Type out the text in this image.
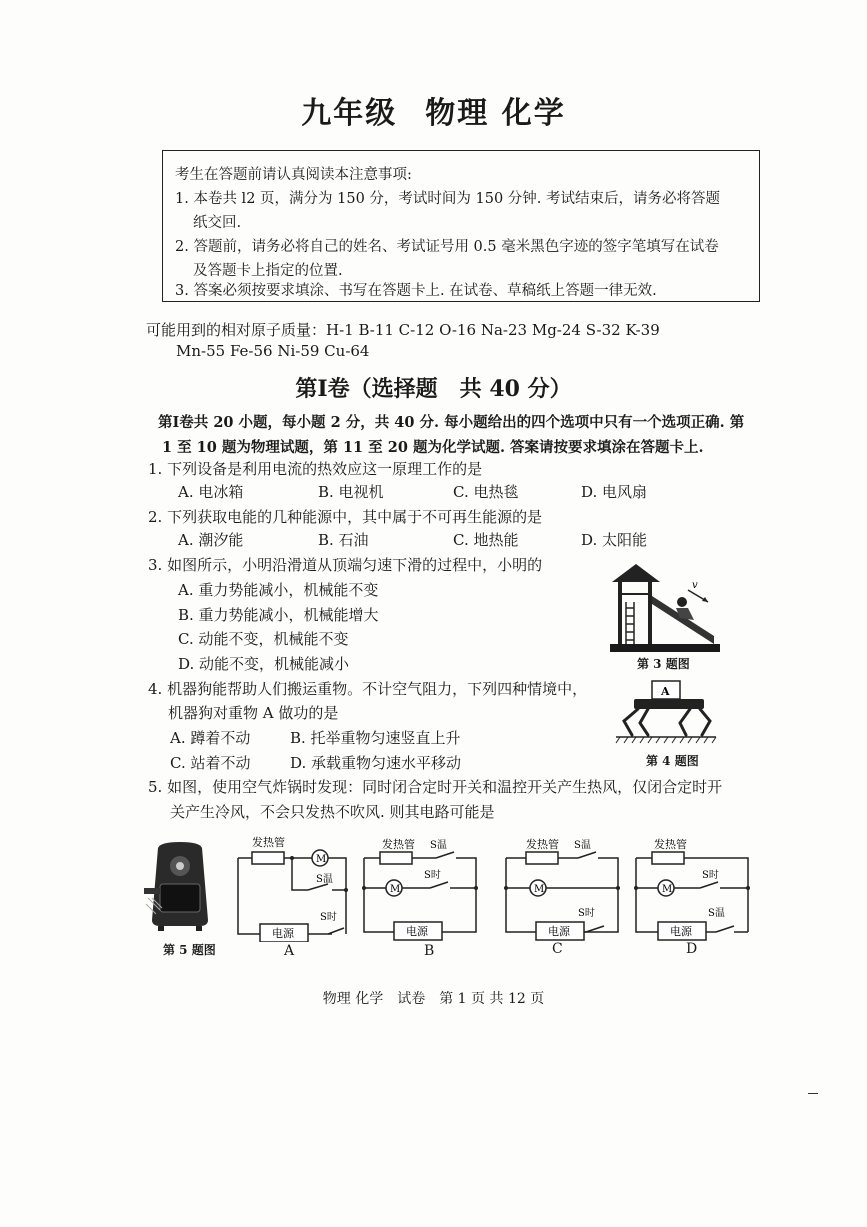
九年级 物理 化学
考生在答题前请认真阅读本注意事项:
1. 本卷共 l2 页，满分为 150 分，考试时间为 150 分钟. 考试结束后，请务必将答题
纸交回.
2. 答题前，请务必将自己的姓名、考试证号用 0.5 毫米黑色字迹的签字笔填写在试卷
及答题卡上指定的位置.
3. 答案必须按要求填涂、书写在答题卡上. 在试卷、草稿纸上答题一律无效.
可能用到的相对原子质量：H-1 B-11 C-12 O-16 Na-23 Mg-24 S-32 K-39
Mn-55 Fe-56 Ni-59 Cu-64
第I卷（选择题　共 40 分）
第I卷共 20 小题，每小题 2 分，共 40 分. 每小题给出的四个选项中只有一个选项正确. 第
1 至 10 题为物理试题，第 11 至 20 题为化学试题. 答案请按要求填涂在答题卡上.
1. 下列设备是利用电流的热效应这一原理工作的是
A. 电冰箱	B. 电视机	C. 电热毯	D. 电风扇
2. 下列获取电能的几种能源中，其中属于不可再生能源的是
A. 潮汐能	B. 石油	C. 地热能	D. 太阳能
3. 如图所示，小明沿滑道从顶端匀速下滑的过程中，小明的
A. 重力势能减小，机械能不变
B. 重力势能减小，机械能增大
C. 动能不变，机械能不变
D. 动能不变，机械能减小
v
第 3 题图
4. 机器狗能帮助人们搬运重物。不计空气阻力，下列四种情境中，
机器狗对重物 A 做功的是
A. 蹲着不动	B. 托举重物匀速竖直上升
C. 站着不动	D. 承载重物匀速水平移动
A
第 4 题图
5. 如图，使用空气炸锅时发现：同时闭合定时开关和温控开关产生热风，仅闭合定时开
关产生冷风，不会只发热不吹风. 则其电路可能是
第 5 题图
发热管
M
S温
电源
S时
A
发热管 S温
M
S时
电源
B
发热管 S温
M
电源
S时
C
发热管
M
S时
电源
S温
D
物理 化学　试卷　第 1 页 共 12 页
